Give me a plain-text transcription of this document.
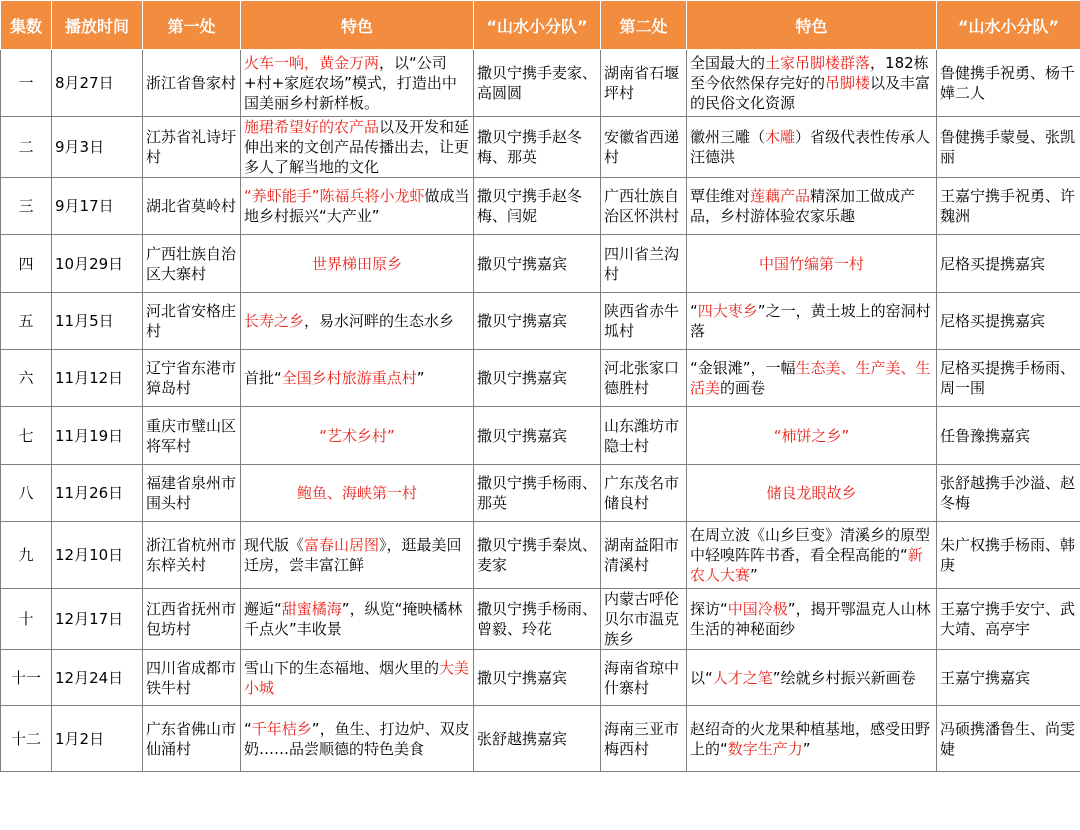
集数	播放时间	第一处	特色	“山水小分队”	第二处	特色	“山水小分队”
一	8月27日	浙江省鲁家村	火车一响，黄金万两，以“公司+村+家庭农场”模式，打造出中国美丽乡村新样板。	撒贝宁携手麦家、高圆圆	湖南省石堰坪村	全国最大的土家吊脚楼群落，182栋至今依然保存完好的吊脚楼以及丰富的民俗文化资源	鲁健携手祝勇、杨千嬅二人
二	9月3日	江苏省礼诗圩村	施珺希望好的农产品以及开发和延伸出来的文创产品传播出去，让更多人了解当地的文化	撒贝宁携手赵冬梅、那英	安徽省西递村	徽州三雕（木雕）省级代表性传承人汪德洪	鲁健携手蒙曼、张凯丽
三	9月17日	湖北省莫岭村	“养虾能手”陈福兵将小龙虾做成当地乡村振兴“大产业”	撒贝宁携手赵冬梅、闫妮	广西壮族自治区怀洪村	覃佳维对莲藕产品精深加工做成产品，乡村游体验农家乐趣	王嘉宁携手祝勇、许魏洲
四	10月29日	广西壮族自治区大寨村	世界梯田原乡	撒贝宁携嘉宾	四川省兰沟村	中国竹编第一村	尼格买提携嘉宾
五	11月5日	河北省安格庄村	长寿之乡，易水河畔的生态水乡	撒贝宁携嘉宾	陕西省赤牛坬村	“四大枣乡”之一，黄土坡上的窑洞村落	尼格买提携嘉宾
六	11月12日	辽宁省东港市獐岛村	首批“全国乡村旅游重点村”	撒贝宁携嘉宾	河北张家口德胜村	“金银滩”，一幅生态美、生产美、生活美的画卷	尼格买提携手杨雨、周一围
七	11月19日	重庆市璧山区将军村	“艺术乡村”	撒贝宁携嘉宾	山东潍坊市隐士村	“柿饼之乡”	任鲁豫携嘉宾
八	11月26日	福建省泉州市围头村	鲍鱼、海峡第一村	撒贝宁携手杨雨、那英	广东茂名市储良村	储良龙眼故乡	张舒越携手沙溢、赵冬梅
九	12月10日	浙江省杭州市东梓关村	现代版《富春山居图》，逛最美回迁房，尝丰富江鲜	撒贝宁携手秦岚、麦家	湖南益阳市清溪村	在周立波《山乡巨变》清溪乡的原型中轻嗅阵阵书香，看全程高能的“新农人大赛”	朱广权携手杨雨、韩庚
十	12月17日	江西省抚州市包坊村	邂逅“甜蜜橘海”，纵览“掩映橘林千点火”丰收景	撒贝宁携手杨雨、曾毅、玲花	内蒙古呼伦贝尔市温克族乡	探访“中国冷极”，揭开鄂温克人山林生活的神秘面纱	王嘉宁携手安宁、武大靖、高亭宇
十一	12月24日	四川省成都市铁牛村	雪山下的生态福地、烟火里的大美小城	撒贝宁携嘉宾	海南省琼中什寨村	以“人才之笔”绘就乡村振兴新画卷	王嘉宁携嘉宾
十二	1月2日	广东省佛山市仙涌村	“千年桔乡”，鱼生、打边炉、双皮奶……品尝顺德的特色美食	张舒越携嘉宾	海南三亚市梅西村	赵绍奇的火龙果种植基地，感受田野上的“数字生产力”	冯硕携潘鲁生、尚雯婕
